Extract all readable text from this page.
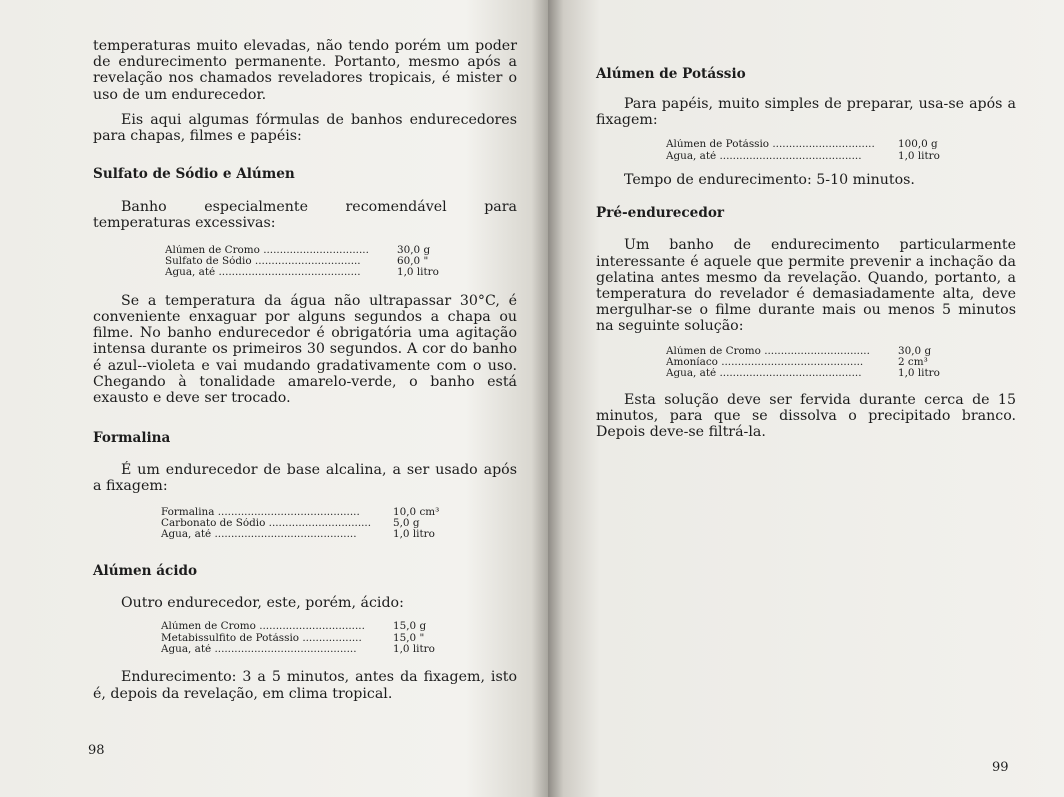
temperaturas muito elevadas, não tendo porém um poder de endurecimento permanente. Portanto, mesmo após a revelação nos chamados reveladores tropicais, é mister o uso de um endurecedor.

Eis aqui algumas fórmulas de banhos endurecedores para chapas, filmes e papéis:

Sulfato de Sódio e Alúmen

Banho especialmente recomendável para temperaturas excessivas:

Alúmen de Cromo ................................	30,0 g
Sulfato de Sódio ................................	60,0 "
Água, até ...........................................	1,0 litro

Se a temperatura da água não ultrapassar 30°C, é conveniente enxaguar por alguns segundos a chapa ou filme. No banho endurecedor é obrigatória uma agitação intensa durante os primeiros 30 segundos. A cor do banho é azul--violeta e vai mudando gradativamente com o uso. Chegando à tonalidade amarelo-verde, o banho está exausto e deve ser trocado.

Formalina

É um endurecedor de base alcalina, a ser usado após a fixagem:

Formalina ...........................................	10,0 cm³
Carbonato de Sódio ...............................	5,0 g
Água, até ...........................................	1,0 litro
Alúmen ácido

Outro endurecedor, este, porém, ácido:

Alúmen de Cromo ................................	15,0 g
Metabissulfito de Potássio ..................	15,0 "
Água, até ...........................................	1,0 litro

Endurecimento: 3 a 5 minutos, antes da fixagem, isto é, depois da revelação, em clima tropical.

98
Alúmen de Potássio

Para papéis, muito simples de preparar, usa-se após a fixagem:

Alúmen de Potássio ...............................	100,0 g
Água, até ...........................................	1,0 litro

Tempo de endurecimento: 5-10 minutos.

Pré-endurecedor

Um banho de endurecimento particularmente interessante é aquele que permite prevenir a inchação da gelatina antes mesmo da revelação. Quando, portanto, a temperatura do revelador é demasiadamente alta, deve mergulhar-se o filme durante mais ou menos 5 minutos na seguinte solução:

Alúmen de Cromo ................................	30,0 g
Amoníaco ...........................................	2 cm³
Água, até ...........................................	1,0 litro

Esta solução deve ser fervida durante cerca de 15 minutos, para que se dissolva o precipitado branco. Depois deve-se filtrá-la.

99
